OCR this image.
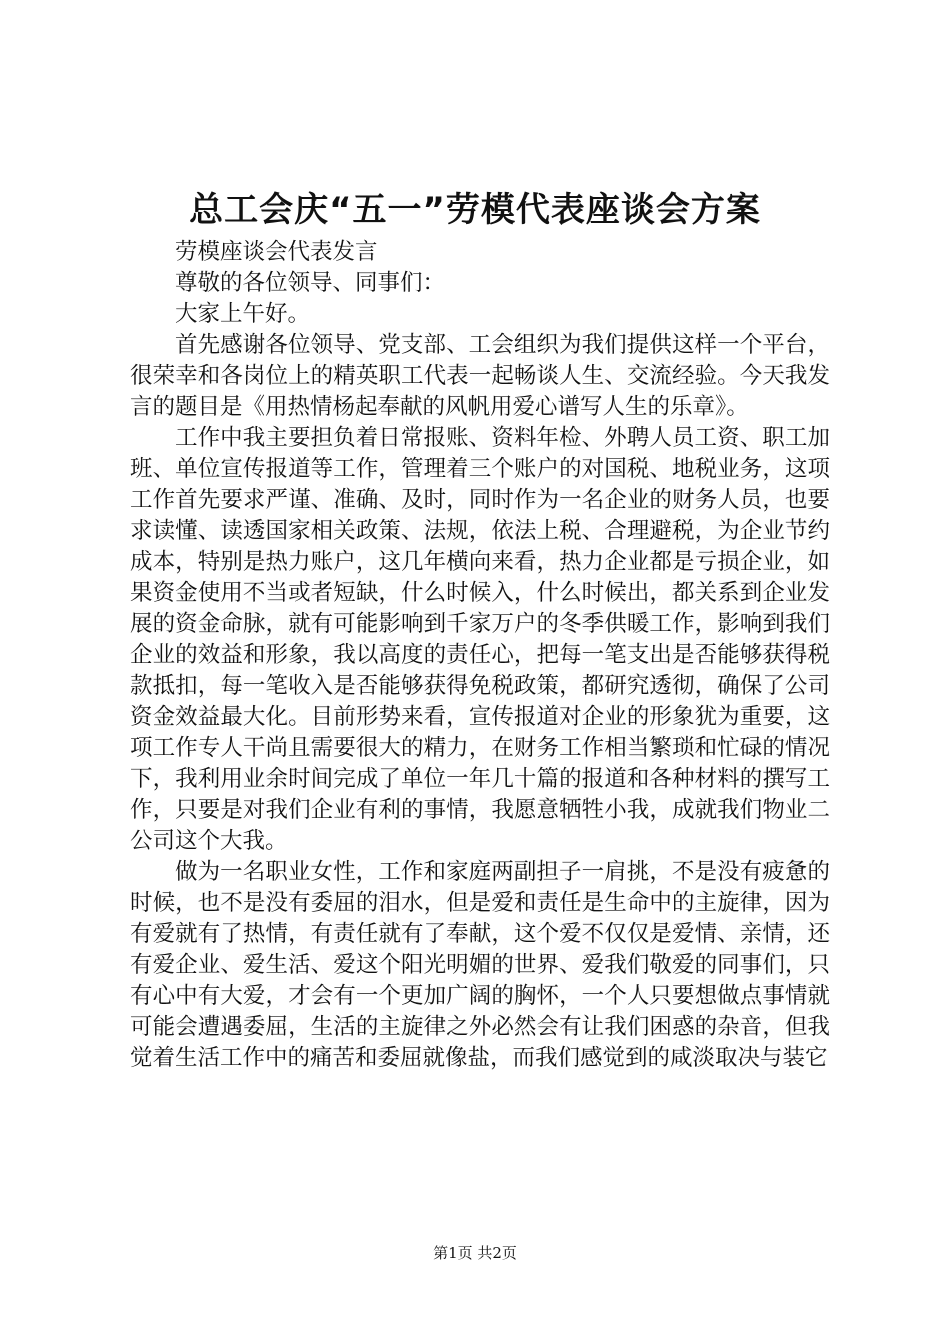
总工会庆“五一”劳模代表座谈会方案

劳模座谈会代表发言

尊敬的各位领导、同事们：

大家上午好。

首先感谢各位领导、党支部、工会组织为我们提供这样一个平台，很荣幸和各岗位上的精英职工代表一起畅谈人生、交流经验。今天我发言的题目是《用热情杨起奉献的风帆用爱心谱写人生的乐章》。

工作中我主要担负着日常报账、资料年检、外聘人员工资、职工加班、单位宣传报道等工作，管理着三个账户的对国税、地税业务，这项工作首先要求严谨、准确、及时，同时作为一名企业的财务人员，也要求读懂、读透国家相关政策、法规，依法上税、合理避税，为企业节约成本，特别是热力账户，这几年横向来看，热力企业都是亏损企业，如果资金使用不当或者短缺，什么时候入，什么时候出，都关系到企业发展的资金命脉，就有可能影响到千家万户的冬季供暖工作，影响到我们企业的效益和形象，我以高度的责任心，把每一笔支出是否能够获得税款抵扣，每一笔收入是否能够获得免税政策，都研究透彻，确保了公司资金效益最大化。目前形势来看，宣传报道对企业的形象犹为重要，这项工作专人干尚且需要很大的精力，在财务工作相当繁琐和忙碌的情况下，我利用业余时间完成了单位一年几十篇的报道和各种材料的撰写工作，只要是对我们企业有利的事情，我愿意牺牲小我，成就我们物业二公司这个大我。

做为一名职业女性，工作和家庭两副担子一肩挑，不是没有疲惫的时候，也不是没有委屈的泪水，但是爱和责任是生命中的主旋律，因为有爱就有了热情，有责任就有了奉献，这个爱不仅仅是爱情、亲情，还有爱企业、爱生活、爱这个阳光明媚的世界、爱我们敬爱的同事们，只有心中有大爱，才会有一个更加广阔的胸怀，一个人只要想做点事情就可能会遭遇委屈，生活的主旋律之外必然会有让我们困惑的杂音，但我觉着生活工作中的痛苦和委屈就像盐，而我们感觉到的咸淡取决与装它

第1页 共2页
